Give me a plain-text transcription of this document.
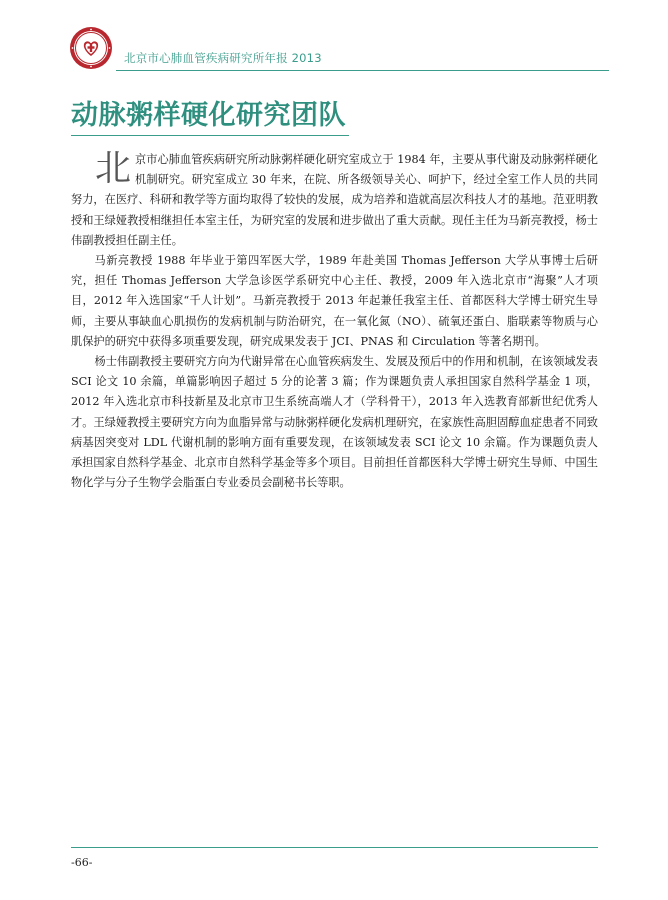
北京市心肺血管疾病研究所年报 2013
动脉粥样硬化研究团队

北京市心肺血管疾病研究所动脉粥样硬化研究室成立于 1984 年，主要从事代谢及动脉粥样硬化机制研究。研究室成立 30 年来，在院、所各级领导关心、呵护下，经过全室工作人员的共同努力，在医疗、科研和教学等方面均取得了较快的发展，成为培养和造就高层次科技人才的基地。范亚明教授和王绿娅教授相继担任本室主任，为研究室的发展和进步做出了重大贡献。现任主任为马新亮教授，杨士伟副教授担任副主任。

马新亮教授 1988 年毕业于第四军医大学，1989 年赴美国 Thomas Jefferson 大学从事博士后研究，担任 Thomas Jefferson 大学急诊医学系研究中心主任、教授，2009 年入选北京市“海聚”人才项目，2012 年入选国家“千人计划”。马新亮教授于 2013 年起兼任我室主任、首都医科大学博士研究生导师，主要从事缺血心肌损伤的发病机制与防治研究，在一氧化氮（NO）、硫氧还蛋白、脂联素等物质与心肌保护的研究中获得多项重要发现，研究成果发表于 JCI、PNAS 和 Circulation 等著名期刊。

杨士伟副教授主要研究方向为代谢异常在心血管疾病发生、发展及预后中的作用和机制，在该领域发表 SCI 论文 10 余篇，单篇影响因子超过 5 分的论著 3 篇；作为课题负责人承担国家自然科学基金 1 项，2012 年入选北京市科技新星及北京市卫生系统高端人才（学科骨干），2013 年入选教育部新世纪优秀人才。王绿娅教授主要研究方向为血脂异常与动脉粥样硬化发病机理研究，在家族性高胆固醇血症患者不同致病基因突变对 LDL 代谢机制的影响方面有重要发现，在该领域发表 SCI 论文 10 余篇。作为课题负责人承担国家自然科学基金、北京市自然科学基金等多个项目。目前担任首都医科大学博士研究生导师、中国生物化学与分子生物学会脂蛋白专业委员会副秘书长等职。

-66-
